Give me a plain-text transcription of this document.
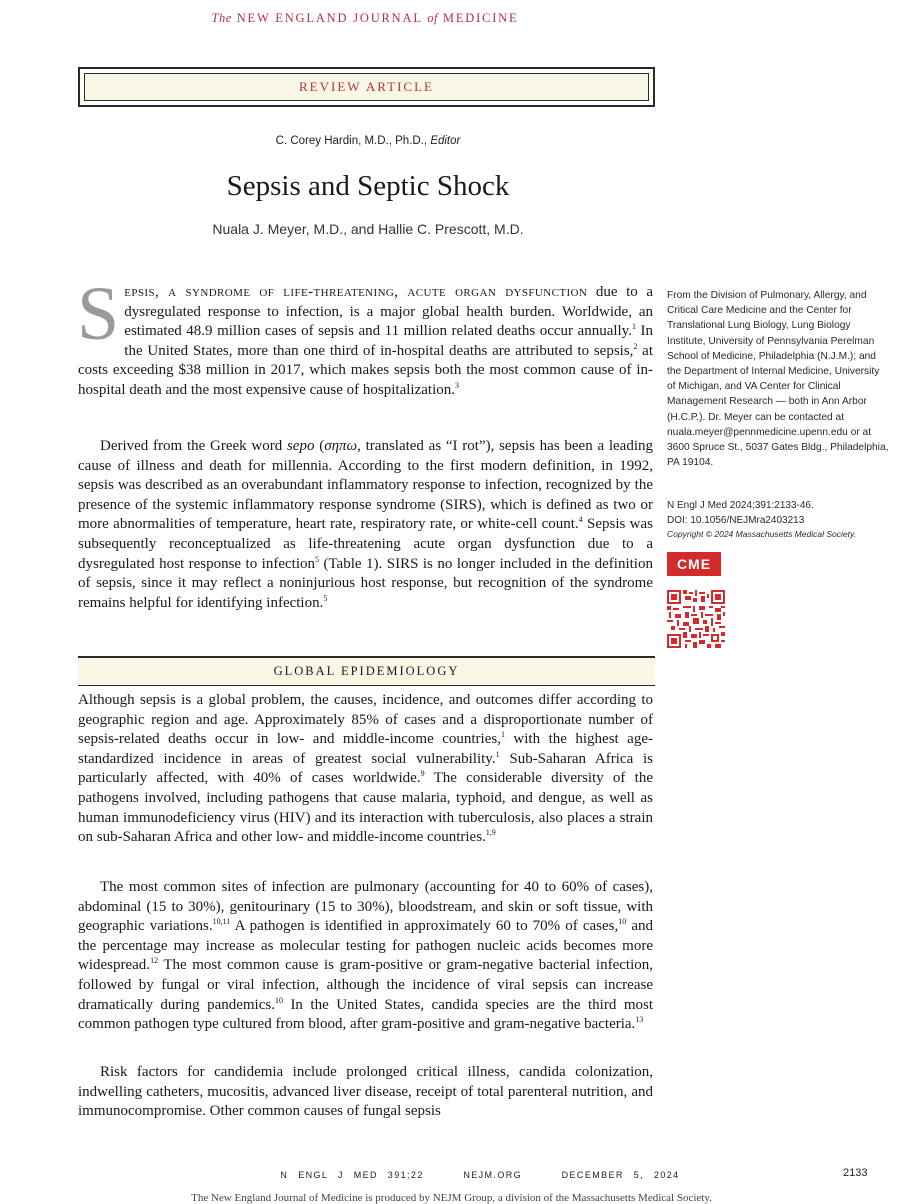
The NEW ENGLAND JOURNAL of MEDICINE
REVIEW ARTICLE
C. Corey Hardin, M.D., Ph.D., Editor
Sepsis and Septic Shock
Nuala J. Meyer, M.D., and Hallie C. Prescott, M.D.

Sepsis, a syndrome of life-threatening, acute organ dysfunction due to a dysregulated response to infection, is a major global health burden. Worldwide, an estimated 48.9 million cases of sepsis and 11 million related deaths occur annually.$^1$ In the United States, more than one third of in-hospital deaths are attributed to sepsis,$^2$ at costs exceeding $38 million in 2017, which makes sepsis both the most common cause of in-hospital death and the most expensive cause of hospitalization.$^3$

Derived from the Greek word sepo (σηπω, translated as “I rot”), sepsis has been a leading cause of illness and death for millennia. According to the first modern definition, in 1992, sepsis was described as an overabundant inflammatory response to infection, recognized by the presence of the systemic inflammatory response syndrome (SIRS), which is defined as two or more abnormalities of temperature, heart rate, respiratory rate, or white-cell count.$^4$ Sepsis was subsequently reconceptualized as life-threatening acute organ dysfunction due to a dysregulated host response to infection$^5$ (Table 1). SIRS is no longer included in the definition of sepsis, since it may reflect a noninjurious host response, but recognition of the syndrome remains helpful for identifying infection.$^5$

From the Division of Pulmonary, Allergy, and Critical Care Medicine and the Center for Translational Lung Biology, Lung Biology Institute, University of Pennsylvania Perelman School of Medicine, Philadelphia (N.J.M.); and the Department of Internal Medicine, University of Michigan, and VA Center for Clinical Management Research — both in Ann Arbor (H.C.P.). Dr. Meyer can be contacted at nuala.meyer@pennmedicine.upenn.edu or at 3600 Spruce St., 5037 Gates Bldg., Philadelphia, PA 19104.
N Engl J Med 2024;391:2133-46.
DOI: 10.1056/NEJMra2403213
Copyright © 2024 Massachusetts Medical Society.
CME
GLOBAL EPIDEMIOLOGY

Although sepsis is a global problem, the causes, incidence, and outcomes differ according to geographic region and age. Approximately 85% of cases and a disproportionate number of sepsis-related deaths occur in low- and middle-income countries,$^1$ with the highest age-standardized incidence in areas of greatest social vulnerability.$^1$ Sub-Saharan Africa is particularly affected, with 40% of cases worldwide.$^9$ The considerable diversity of the pathogens involved, including pathogens that cause malaria, typhoid, and dengue, as well as human immunodeficiency virus (HIV) and its interaction with tuberculosis, also places a strain on sub-Saharan Africa and other low- and middle-income countries.$^{1,9}$

The most common sites of infection are pulmonary (accounting for 40 to 60% of cases), abdominal (15 to 30%), genitourinary (15 to 30%), bloodstream, and skin or soft tissue, with geographic variations.$^{10,11}$ A pathogen is identified in approximately 60 to 70% of cases,$^{10}$ and the percentage may increase as molecular testing for pathogen nucleic acids becomes more widespread.$^{12}$ The most common cause is gram-positive or gram-negative bacterial infection, followed by fungal or viral infection, although the incidence of viral sepsis can increase dramatically during pandemics.$^{10}$ In the United States, candida species are the third most common pathogen type cultured from blood, after gram-positive and gram-negative bacteria.$^{13}$

Risk factors for candidemia include prolonged critical illness, candida colonization, indwelling catheters, mucositis, advanced liver disease, receipt of total parenteral nutrition, and immunocompromise. Other common causes of fungal sepsis

N ENGL J MED 391;22    NEJM.ORG    DECEMBER 5, 2024	2133
The New England Journal of Medicine is produced by NEJM Group, a division of the Massachusetts Medical Society.
